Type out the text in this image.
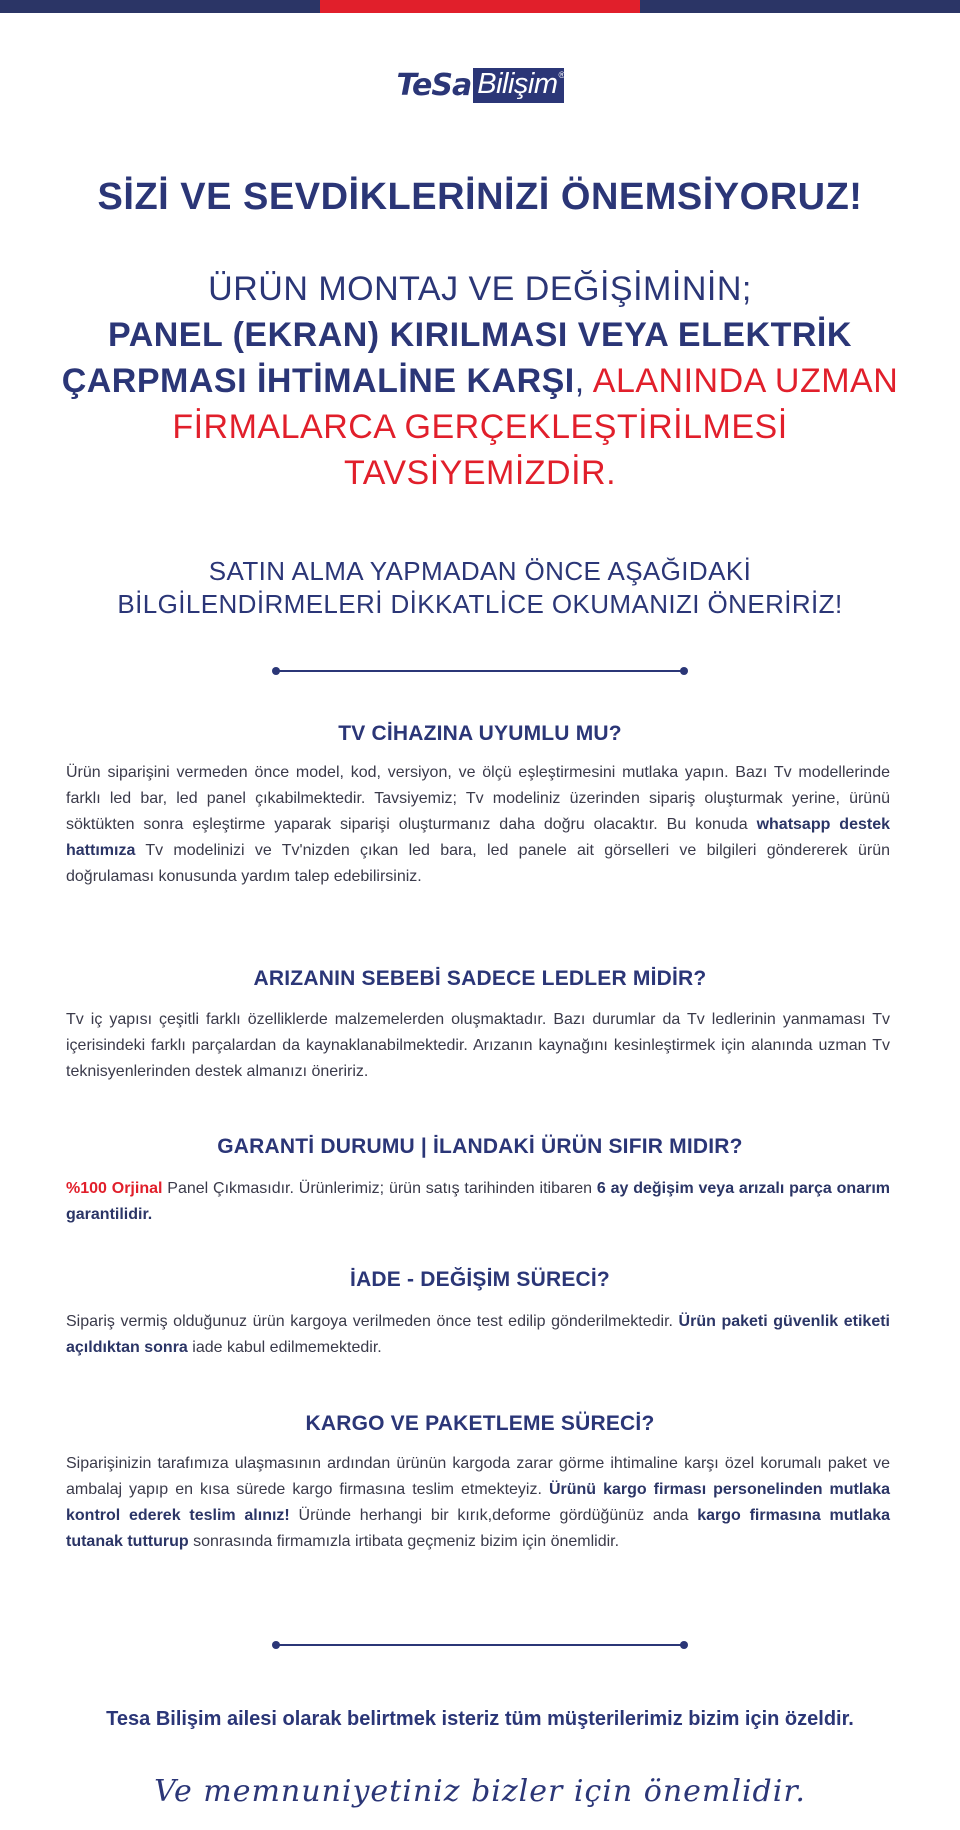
TeSa Bilişim ®
SİZİ VE SEVDİKLERİNİZİ ÖNEMSİYORUZ!
ÜRÜN MONTAJ VE DEĞİŞİMİNİN;
PANEL (EKRAN) KIRILMASI VEYA ELEKTRİK ÇARPMASI İHTİMALİNE KARŞI, ALANINDA UZMAN FİRMALARCA GERÇEKLEŞTİRİLMESİ TAVSİYEMİZDİR.
SATIN ALMA YAPMADAN ÖNCE AŞAĞIDAKİ
BİLGİLENDİRMELERİ DİKKATLİCE OKUMANIZI ÖNERİRİZ!
TV CİHAZINA UYUMLU MU?
Ürün siparişini vermeden önce model, kod, versiyon, ve ölçü eşleştirmesini mutlaka yapın. Bazı Tv modellerinde farklı led bar, led panel çıkabilmektedir. Tavsiyemiz; Tv modeliniz üzerinden sipariş oluşturmak yerine, ürünü söktükten sonra eşleştirme yaparak siparişi oluşturmanız daha doğru olacaktır. Bu konuda whatsapp destek hattımıza Tv modelinizi ve Tv'nizden çıkan led bara, led panele ait görselleri ve bilgileri göndererek ürün doğrulaması konusunda yardım talep edebilirsiniz.
ARIZANIN SEBEBİ SADECE LEDLER MİDİR?
Tv iç yapısı çeşitli farklı özelliklerde malzemelerden oluşmaktadır. Bazı durumlar da Tv ledlerinin yanmaması Tv içerisindeki farklı parçalardan da kaynaklanabilmektedir. Arızanın kaynağını kesinleştirmek için alanında uzman Tv teknisyenlerinden destek almanızı öneririz.
GARANTİ DURUMU | İLANDAKİ ÜRÜN SIFIR MIDIR?
%100 Orjinal Panel Çıkmasıdır. Ürünlerimiz; ürün satış tarihinden itibaren 6 ay değişim veya arızalı parça onarım garantilidir.
İADE - DEĞİŞİM SÜRECİ?
Sipariş vermiş olduğunuz ürün kargoya verilmeden önce test edilip gönderilmektedir. Ürün paketi güvenlik etiketi açıldıktan sonra iade kabul edilmemektedir.
KARGO VE PAKETLEME SÜRECİ?
Siparişinizin tarafımıza ulaşmasının ardından ürünün kargoda zarar görme ihtimaline karşı özel korumalı paket ve ambalaj yapıp en kısa sürede kargo firmasına teslim etmekteyiz. Ürünü kargo firması personelinden mutlaka kontrol ederek teslim alınız! Üründe herhangi bir kırık,deforme gördüğünüz anda kargo firmasına mutlaka tutanak tutturup sonrasında firmamızla irtibata geçmeniz bizim için önemlidir.
Tesa Bilişim ailesi olarak belirtmek isteriz tüm müşterilerimiz bizim için özeldir.
Ve memnuniyetiniz bizler için önemlidir.
